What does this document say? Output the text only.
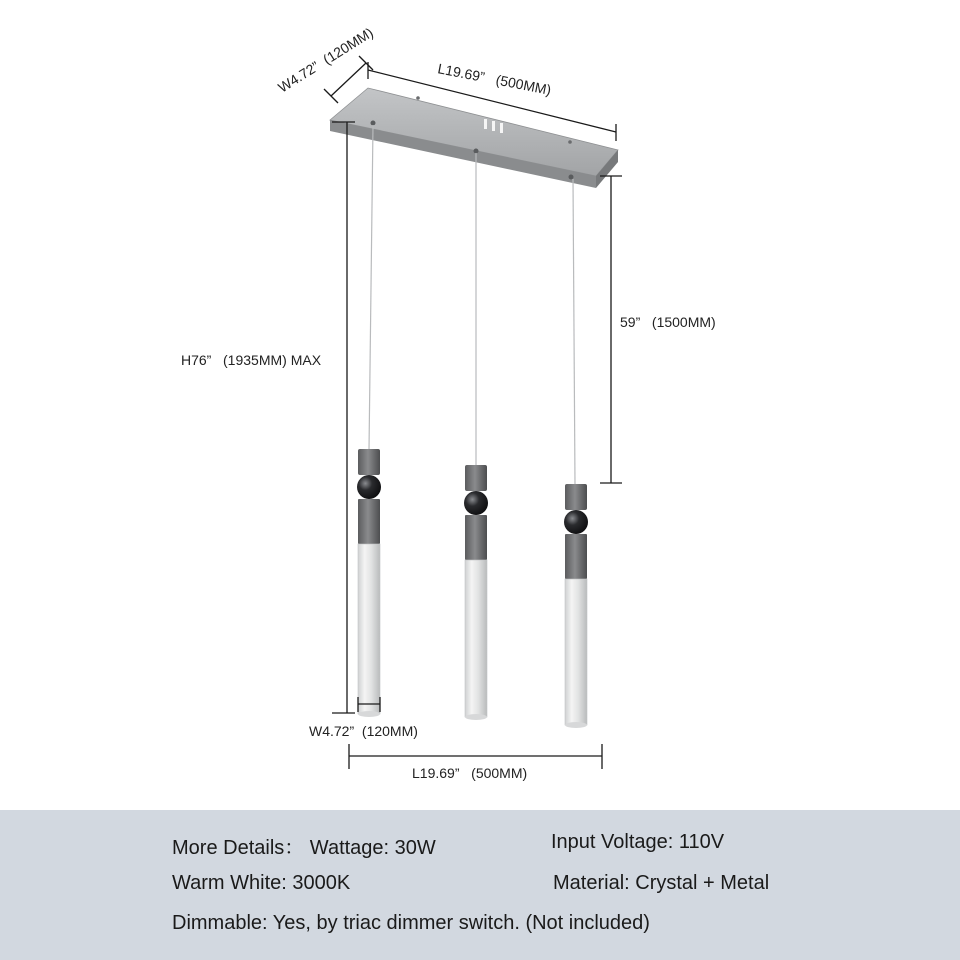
W4.72”  (120MM)	L19.69”   (500MM)
59”   (1500MM)
H76”   (1935MM) MAX
W4.72”  (120MM)
L19.69”   (500MM)
More Details： Wattage: 30W	Input Voltage: 110V
Warm White: 3000K	Material: Crystal + Metal
Dimmable: Yes, by triac dimmer switch. (Not included)
